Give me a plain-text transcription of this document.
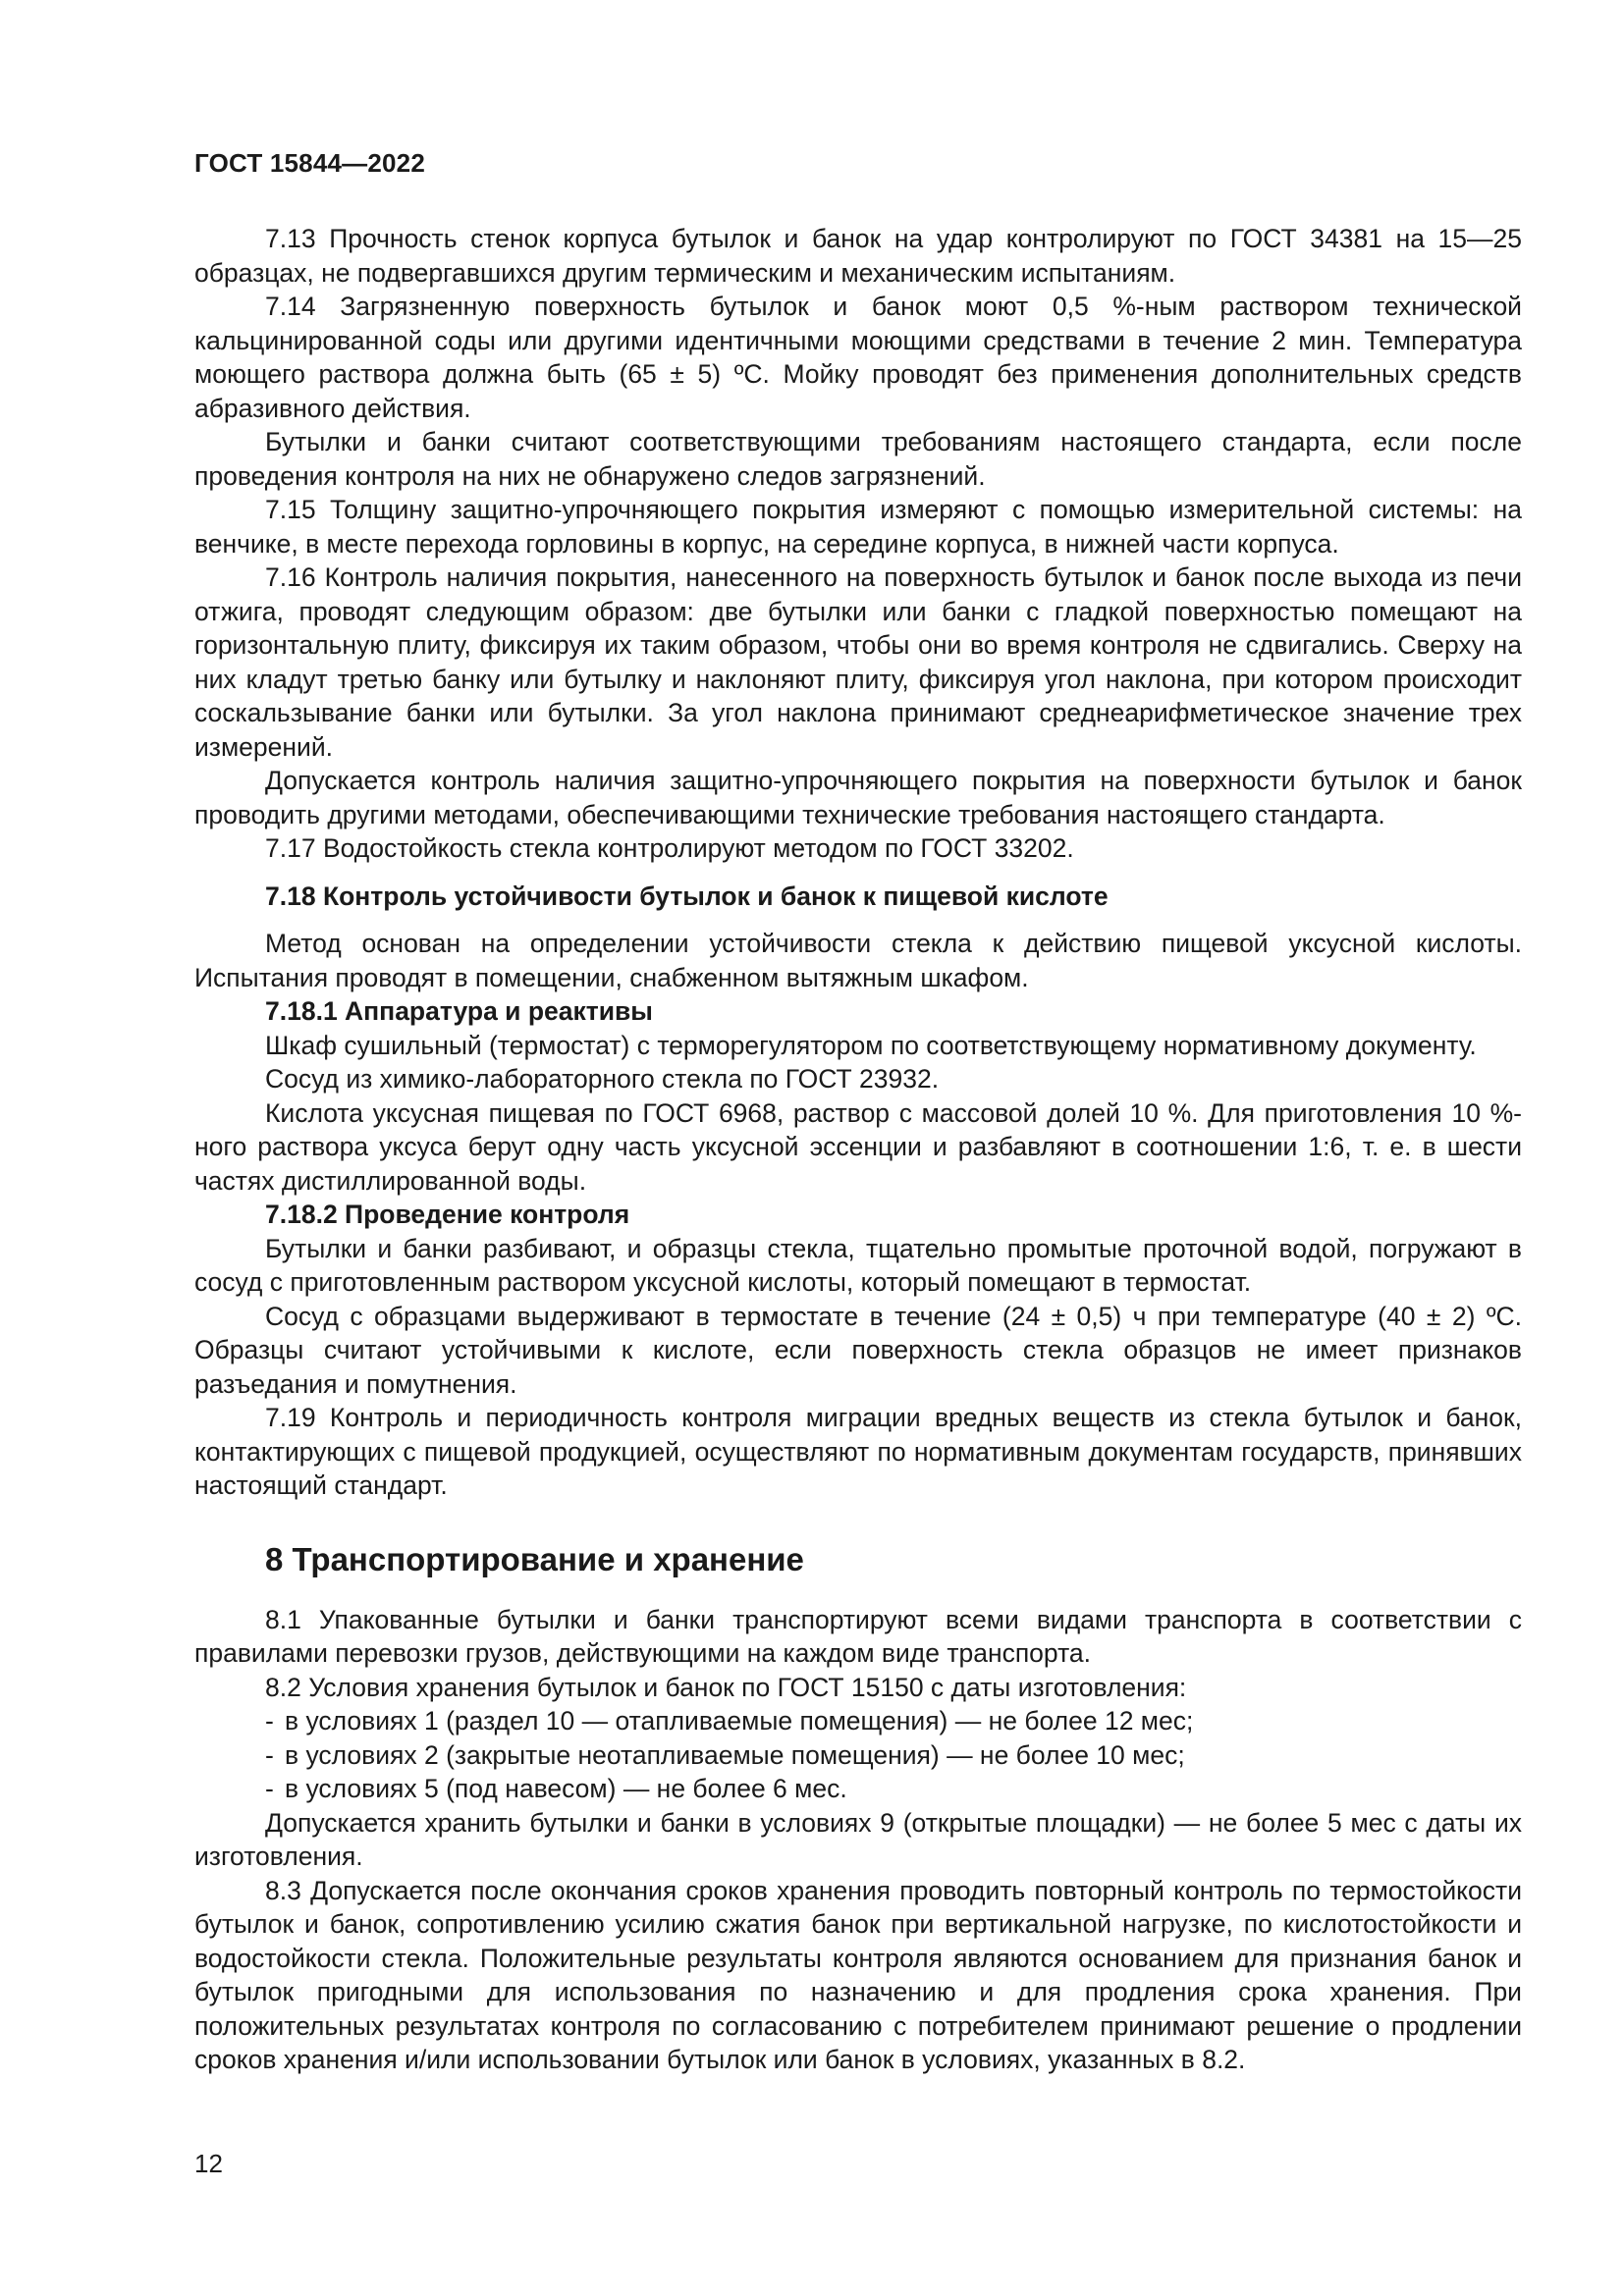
ГОСТ 15844—2022

7.13 Прочность стенок корпуса бутылок и банок на удар контролируют по ГОСТ 34381 на 15—25 образцах, не подвергавшихся другим термическим и механическим испытаниям.

7.14 Загрязненную поверхность бутылок и банок моют 0,5 %-ным раствором технической кальцинированной соды или другими идентичными моющими средствами в течение 2 мин. Температура моющего раствора должна быть (65 ± 5) ºС. Мойку проводят без применения дополнительных средств абразивного действия.

Бутылки и банки считают соответствующими требованиям настоящего стандарта, если после проведения контроля на них не обнаружено следов загрязнений.

7.15 Толщину защитно-упрочняющего покрытия измеряют с помощью измерительной системы: на венчике, в месте перехода горловины в корпус, на середине корпуса, в нижней части корпуса.

7.16 Контроль наличия покрытия, нанесенного на поверхность бутылок и банок после выхода из печи отжига, проводят следующим образом: две бутылки или банки с гладкой поверхностью помещают на горизонтальную плиту, фиксируя их таким образом, чтобы они во время контроля не сдвигались. Сверху на них кладут третью банку или бутылку и наклоняют плиту, фиксируя угол наклона, при котором происходит соскальзывание банки или бутылки. За угол наклона принимают среднеарифметическое значение трех измерений.

Допускается контроль наличия защитно-упрочняющего покрытия на поверхности бутылок и банок проводить другими методами, обеспечивающими технические требования настоящего стандарта.

7.17 Водостойкость стекла контролируют методом по ГОСТ 33202.

7.18 Контроль устойчивости бутылок и банок к пищевой кислоте

Метод основан на определении устойчивости стекла к действию пищевой уксусной кислоты. Испытания проводят в помещении, снабженном вытяжным шкафом.

7.18.1 Аппаратура и реактивы

Шкаф сушильный (термостат) с терморегулятором по соответствующему нормативному документу.

Сосуд из химико-лабораторного стекла по ГОСТ 23932.

Кислота уксусная пищевая по ГОСТ 6968, раствор с массовой долей 10 %. Для приготовления 10 %-ного раствора уксуса берут одну часть уксусной эссенции и разбавляют в соотношении 1:6, т. е. в шести частях дистиллированной воды.

7.18.2 Проведение контроля

Бутылки и банки разбивают, и образцы стекла, тщательно промытые проточной водой, погружают в сосуд с приготовленным раствором уксусной кислоты, который помещают в термостат.

Сосуд с образцами выдерживают в термостате в течение (24 ± 0,5) ч при температуре (40 ± 2) ºС. Образцы считают устойчивыми к кислоте, если поверхность стекла образцов не имеет признаков разъедания и помутнения.

7.19 Контроль и периодичность контроля миграции вредных веществ из стекла бутылок и банок, контактирующих с пищевой продукцией, осуществляют по нормативным документам государств, принявших настоящий стандарт.

8 Транспортирование и хранение

8.1 Упакованные бутылки и банки транспортируют всеми видами транспорта в соответствии с правилами перевозки грузов, действующими на каждом виде транспорта.

8.2 Условия хранения бутылок и банок по ГОСТ 15150 с даты изготовления:

- в условиях 1 (раздел 10 — отапливаемые помещения) — не более 12 мес;
- в условиях 2 (закрытые неотапливаемые помещения) — не более 10 мес;
- в условиях 5 (под навесом) — не более 6 мес.

Допускается хранить бутылки и банки в условиях 9 (открытые площадки) — не более 5 мес с даты их изготовления.

8.3 Допускается после окончания сроков хранения проводить повторный контроль по термостойкости бутылок и банок, сопротивлению усилию сжатия банок при вертикальной нагрузке, по кислотостойкости и водостойкости стекла. Положительные результаты контроля являются основанием для признания банок и бутылок пригодными для использования по назначению и для продления срока хранения. При положительных результатах контроля по согласованию с потребителем принимают решение о продлении сроков хранения и/или использовании бутылок или банок в условиях, указанных в 8.2.

12
